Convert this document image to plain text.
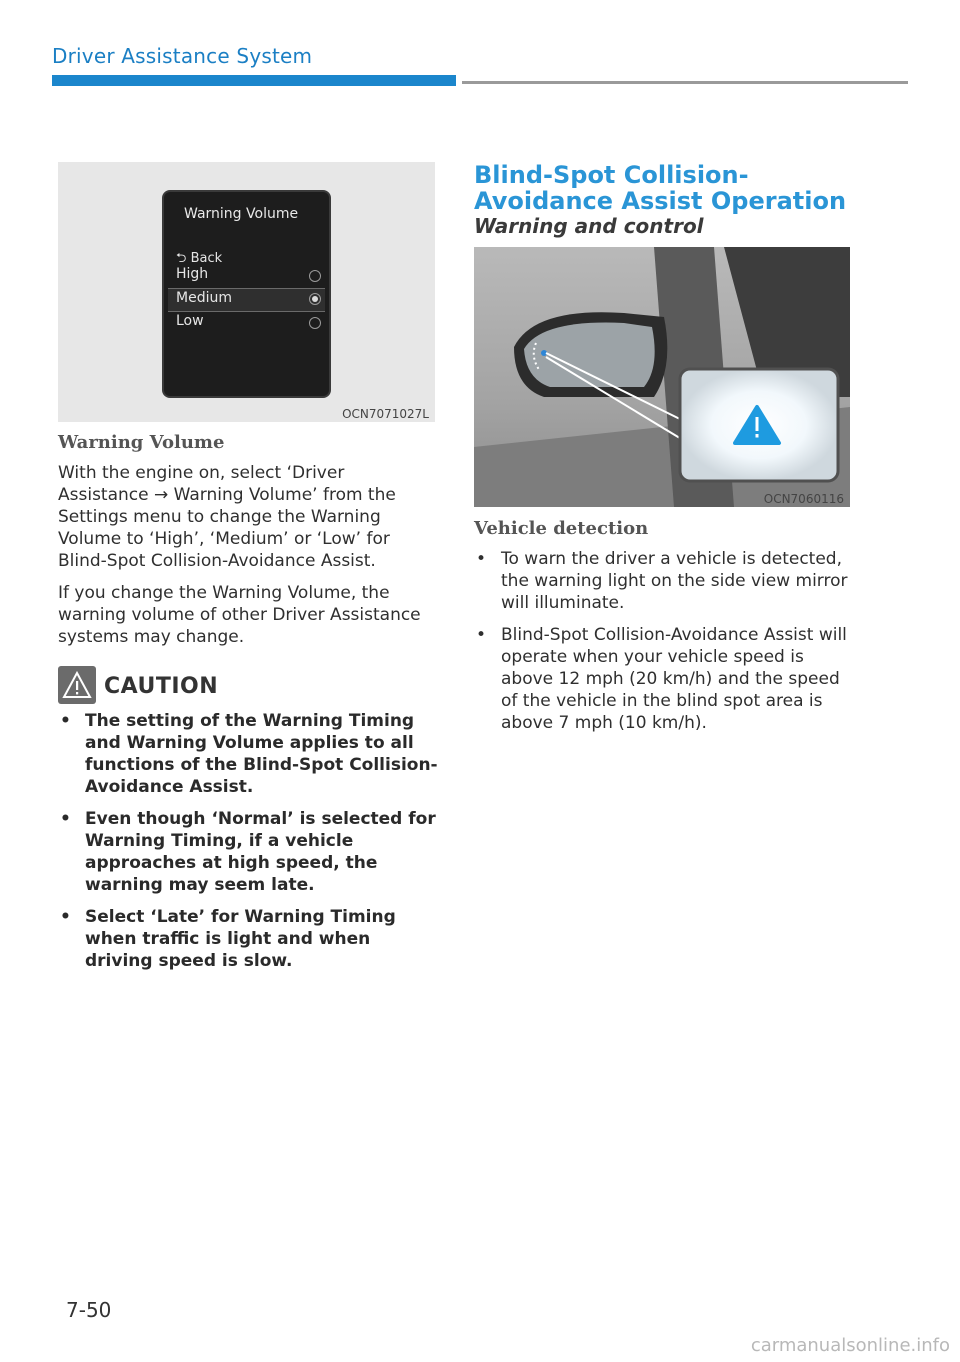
Driver Assistance System
Warning Volume
⮌ Back
High
Medium
Low
OCN7071027L
Warning Volume

With the engine on, select ‘Driver Assistance → Warning Volume’ from the Settings menu to change the Warning Volume to ‘High’, ‘Medium’ or ‘Low’ for Blind-Spot Collision-Avoidance Assist.

If you change the Warning Volume, the warning volume of other Driver Assistance systems may change.

CAUTION
• The setting of the Warning Timing and Warning Volume applies to all functions of the Blind-Spot Collision-Avoidance Assist.
• Even though ‘Normal’ is selected for Warning Timing, if a vehicle approaches at high speed, the warning may seem late.
• Select ‘Late’ for Warning Timing when traffic is light and when driving speed is slow.
Blind-Spot Collision-Avoidance Assist Operation
Warning and control
OCN7060116
Vehicle detection
• To warn the driver a vehicle is detected, the warning light on the side view mirror will illuminate.
• Blind-Spot Collision-Avoidance Assist will operate when your vehicle speed is above 12 mph (20 km/h) and the speed of the vehicle in the blind spot area is above 7 mph (10 km/h).
7-50
carmanualsonline.info
